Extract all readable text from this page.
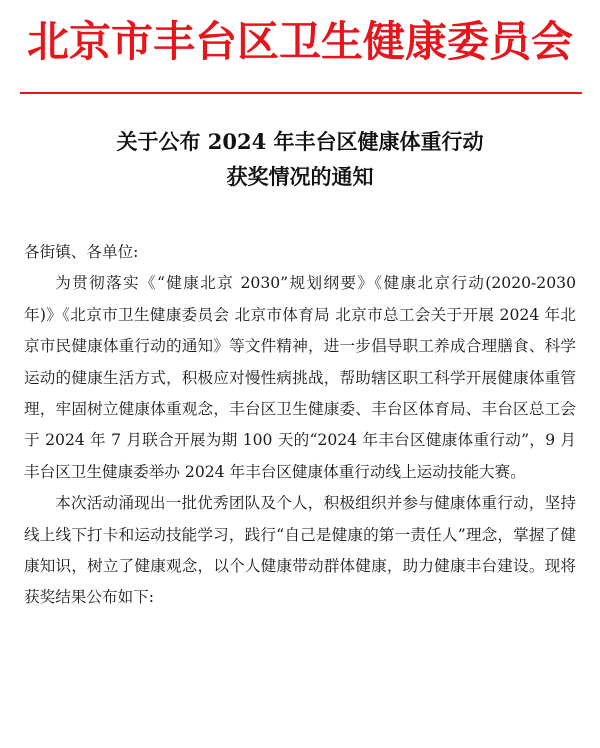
北京市丰台区卫生健康委员会
关于公布 2024 年丰台区健康体重行动
获奖情况的通知

各街镇、各单位:

为贯彻落实《“健康北京 2030”规划纲要》《健康北京行动(2020-2030 年)》《北京市卫生健康委员会 北京市体育局 北京市总工会关于开展 2024 年北京市民健康体重行动的通知》等文件精神，进一步倡导职工养成合理膳食、科学运动的健康生活方式，积极应对慢性病挑战，帮助辖区职工科学开展健康体重管理，牢固树立健康体重观念，丰台区卫生健康委、丰台区体育局、丰台区总工会于 2024 年 7 月联合开展为期 100 天的“2024 年丰台区健康体重行动”，9 月丰台区卫生健康委举办 2024 年丰台区健康体重行动线上运动技能大赛。

本次活动涌现出一批优秀团队及个人，积极组织并参与健康体重行动，坚持线上线下打卡和运动技能学习，践行“自己是健康的第一责任人”理念，掌握了健康知识，树立了健康观念，以个人健康带动群体健康，助力健康丰台建设。现将获奖结果公布如下:
